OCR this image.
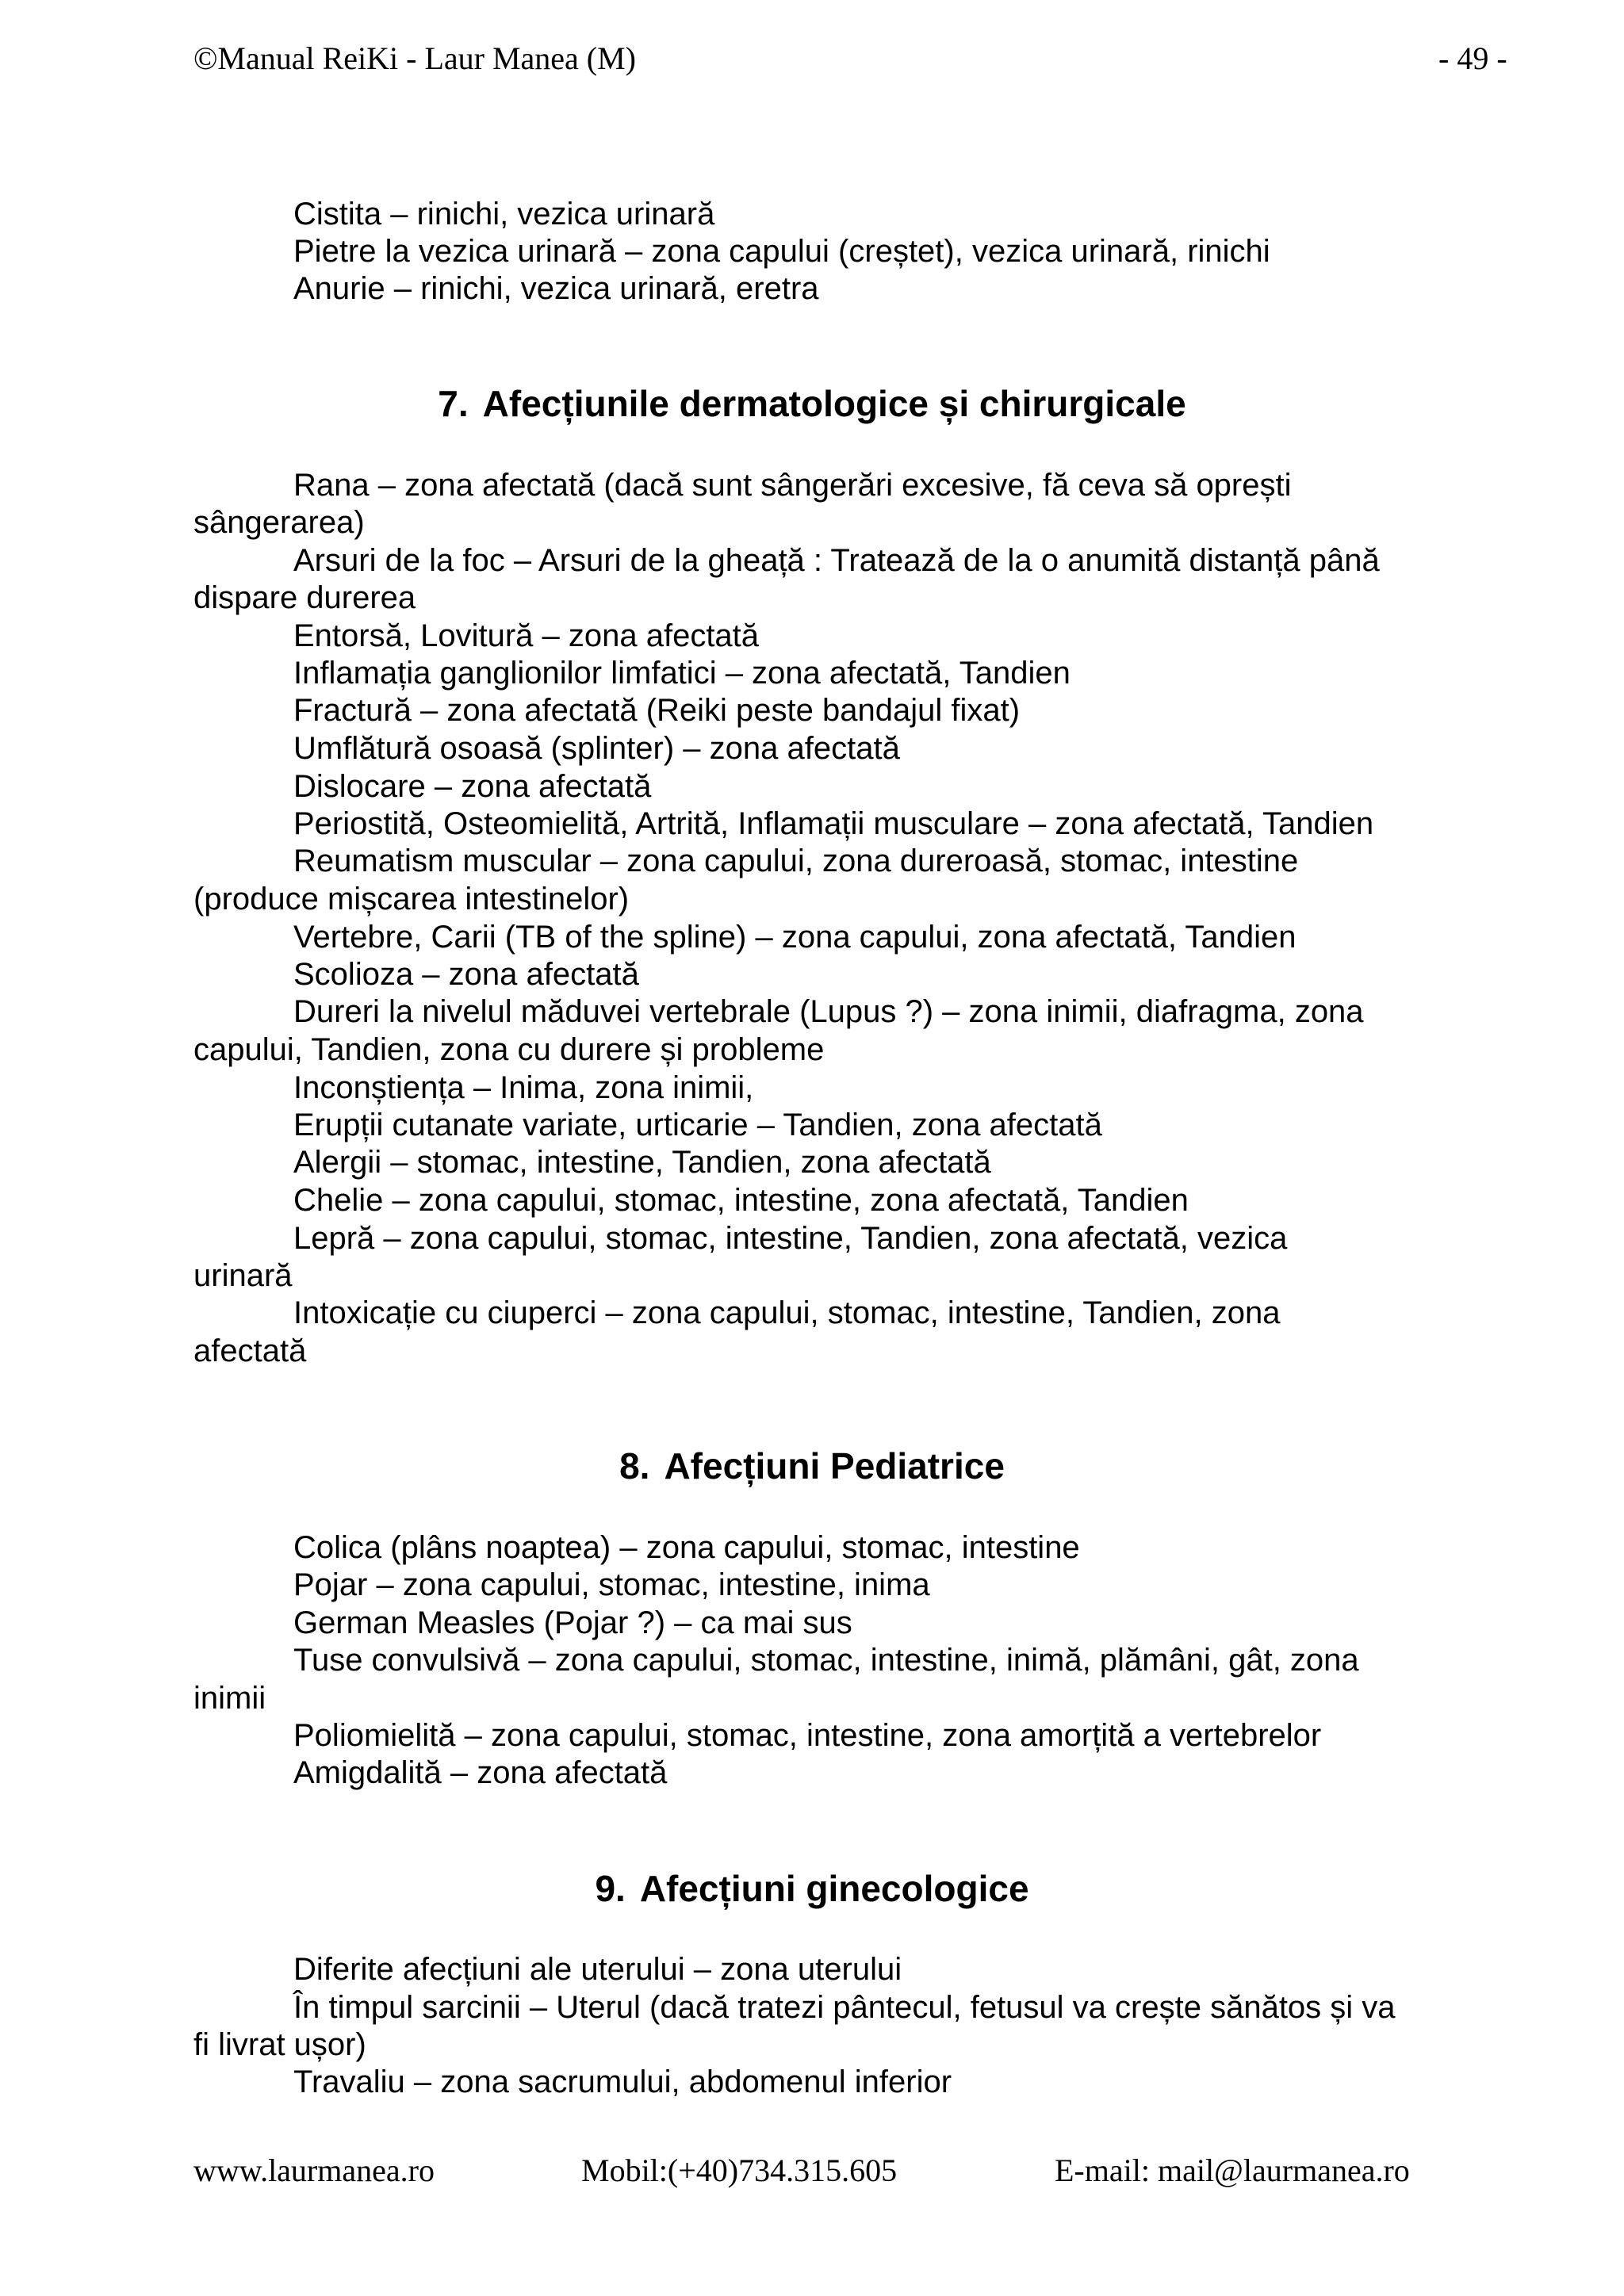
©Manual ReiKi - Laur Manea (M)	- 49 -
Cistita – rinichi, vezica urinară
Pietre la vezica urinară – zona capului (creștet), vezica urinară, rinichi
Anurie – rinichi, vezica urinară, eretra
7. Afecțiunile dermatologice și chirurgicale
Rana – zona afectată (dacă sunt sângerări excesive, fă ceva să oprești
sângerarea)
Arsuri de la foc – Arsuri de la gheață : Tratează de la o anumită distanță până
dispare durerea
Entorsă, Lovitură – zona afectată
Inflamația ganglionilor limfatici – zona afectată, Tandien
Fractură – zona afectată (Reiki peste bandajul fixat)
Umflătură osoasă (splinter) – zona afectată
Dislocare – zona afectată
Periostită, Osteomielită, Artrită, Inflamații musculare – zona afectată, Tandien
Reumatism muscular – zona capului, zona dureroasă, stomac, intestine
(produce mișcarea intestinelor)
Vertebre, Carii (TB of the spline) – zona capului, zona afectată, Tandien
Scolioza – zona afectată
Dureri la nivelul măduvei vertebrale (Lupus ?) – zona inimii, diafragma, zona
capului, Tandien, zona cu durere și probleme
Inconștiența – Inima, zona inimii,
Erupții cutanate variate, urticarie – Tandien, zona afectată
Alergii – stomac, intestine, Tandien, zona afectată
Chelie – zona capului, stomac, intestine, zona afectată, Tandien
Lepră – zona capului, stomac, intestine, Tandien, zona afectată, vezica
urinară
Intoxicație cu ciuperci – zona capului, stomac, intestine, Tandien, zona
afectată
8. Afecțiuni Pediatrice
Colica (plâns noaptea) – zona capului, stomac, intestine
Pojar – zona capului, stomac, intestine, inima
German Measles (Pojar ?) – ca mai sus
Tuse convulsivă – zona capului, stomac, intestine, inimă, plămâni, gât, zona
inimii
Poliomielită – zona capului, stomac, intestine, zona amorțită a vertebrelor
Amigdalită – zona afectată
9. Afecțiuni ginecologice
Diferite afecțiuni ale uterului – zona uterului
În timpul sarcinii – Uterul (dacă tratezi pântecul, fetusul va crește sănătos și va
fi livrat ușor)
Travaliu – zona sacrumului, abdomenul inferior
www.laurmanea.ro	Mobil:(+40)734.315.605	E-mail: mail@laurmanea.ro
